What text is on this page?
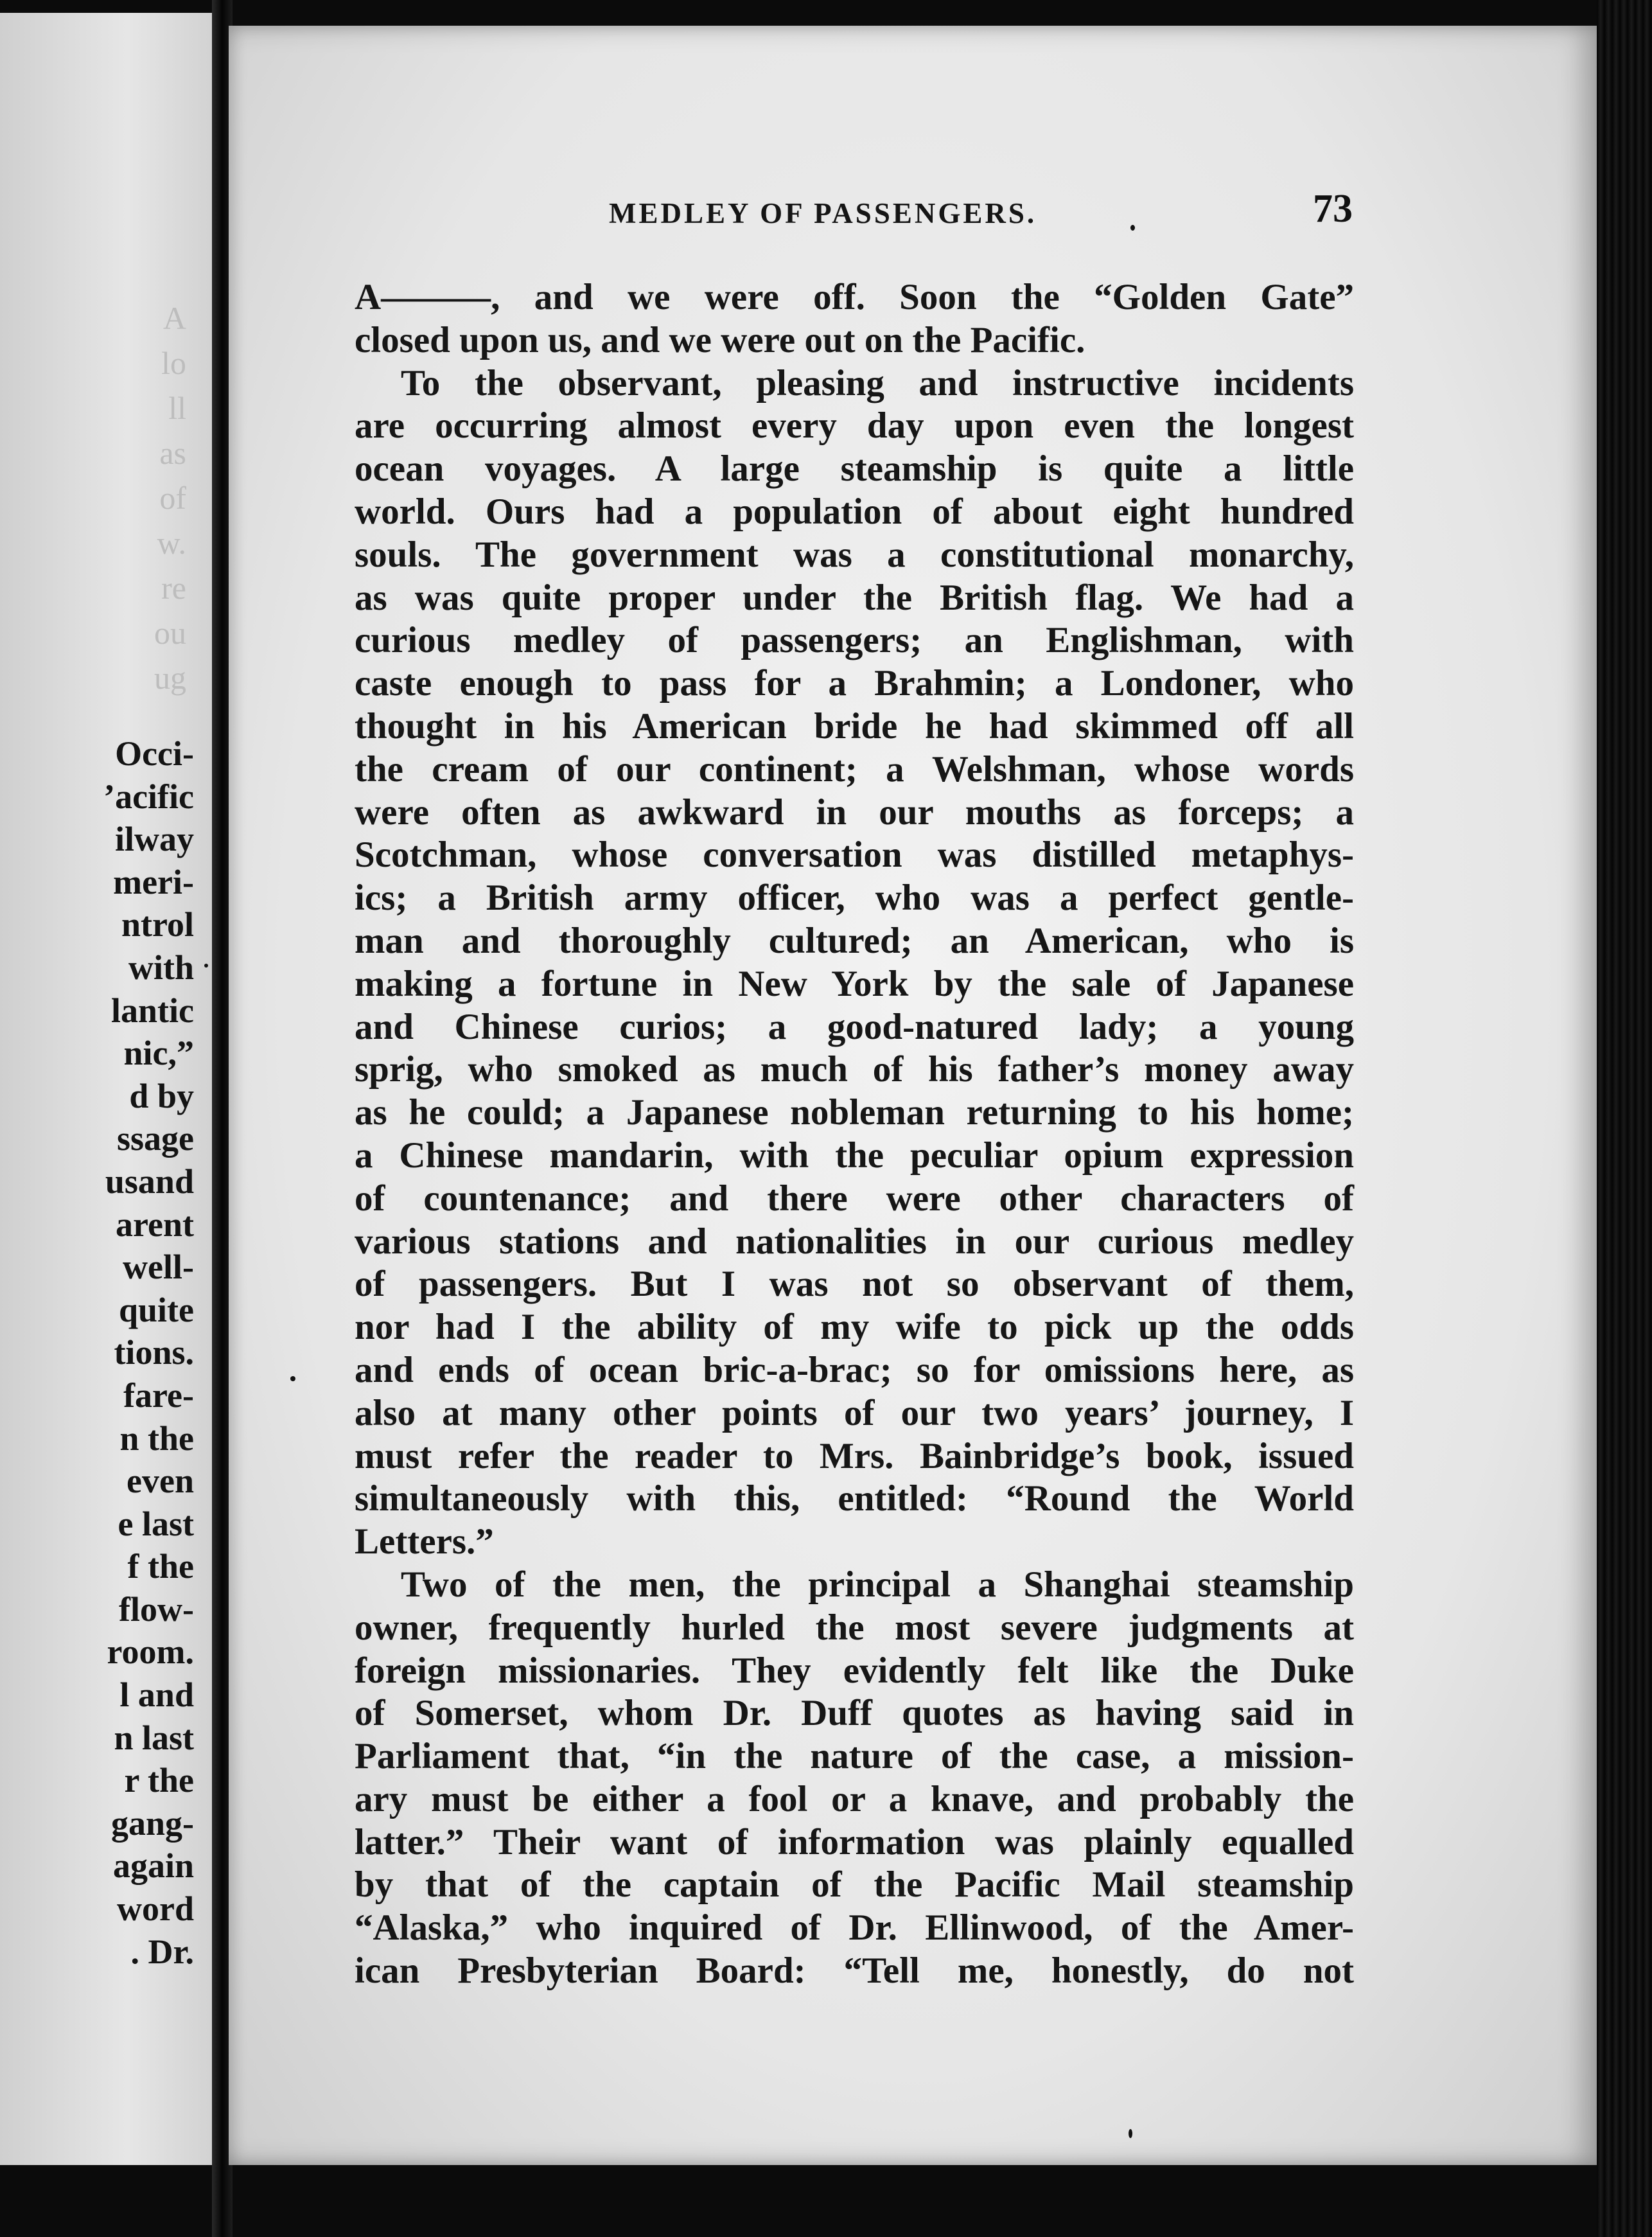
A
lo
ll
as
of
w.
re
ou
ug

Occi-
’acific
ilway
meri-
ntrol
with
lantic
nic,”
d by
ssage
usand
arent
well-
quite
tions.
fare-
n the
even
e last
f the
flow-
room.
l and
n last
r the
gang-
again
word
. Dr.
MEDLEY OF PASSENGERS.	73
A———, and we were off. Soon the “Golden Gate”
closed upon us, and we were out on the Pacific.
To the observant, pleasing and instructive incidents
are occurring almost every day upon even the longest
ocean voyages. A large steamship is quite a little
world. Ours had a population of about eight hundred
souls. The government was a constitutional monarchy,
as was quite proper under the British flag. We had a
curious medley of passengers; an Englishman, with
caste enough to pass for a Brahmin; a Londoner, who
thought in his American bride he had skimmed off all
the cream of our continent; a Welshman, whose words
were often as awkward in our mouths as forceps; a
Scotchman, whose conversation was distilled metaphys-
ics; a British army officer, who was a perfect gentle-
man and thoroughly cultured; an American, who is
making a fortune in New York by the sale of Japanese
and Chinese curios; a good-natured lady; a young
sprig, who smoked as much of his father’s money away
as he could; a Japanese nobleman returning to his home;
a Chinese mandarin, with the peculiar opium expression
of countenance; and there were other characters of
various stations and nationalities in our curious medley
of passengers. But I was not so observant of them,
nor had I the ability of my wife to pick up the odds
and ends of ocean bric-a-brac; so for omissions here, as
also at many other points of our two years’ journey, I
must refer the reader to Mrs. Bainbridge’s book, issued
simultaneously with this, entitled: “Round the World
Letters.”
Two of the men, the principal a Shanghai steamship
owner, frequently hurled the most severe judgments at
foreign missionaries. They evidently felt like the Duke
of Somerset, whom Dr. Duff quotes as having said in
Parliament that, “in the nature of the case, a mission-
ary must be either a fool or a knave, and probably the
latter.” Their want of information was plainly equalled
by that of the captain of the Pacific Mail steamship
“Alaska,” who inquired of Dr. Ellinwood, of the Amer-
ican Presbyterian Board: “Tell me, honestly, do not
